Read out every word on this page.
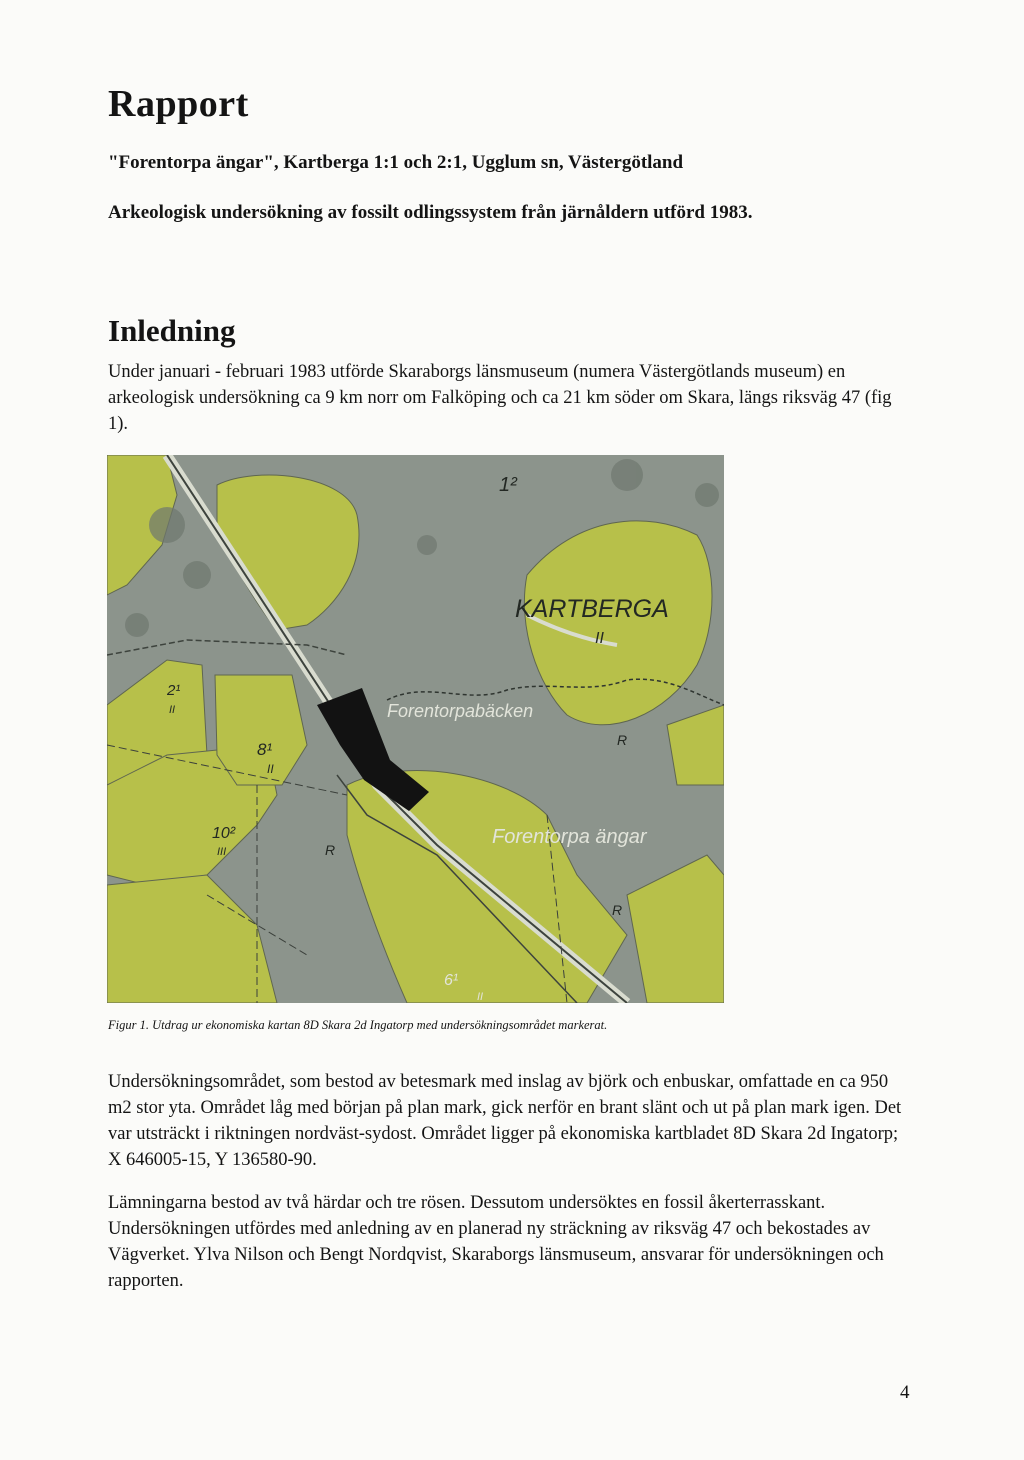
Rapport

"Forentorpa ängar", Kartberga 1:1 och 2:1, Ugglum sn, Västergötland

Arkeologisk undersökning av fossilt odlingssystem från järnåldern utförd 1983.

Inledning

Under januari - februari 1983 utförde Skaraborgs länsmuseum (numera Västergötlands museum) en arkeologisk undersökning ca 9 km norr om Falköping och ca 21 km söder om Skara, längs riksväg 47 (fig 1).

KARTBERGA
II
Forentorpabäcken
Forentorpa ängar
1²
8¹
II
10²
III
6¹
II
2¹
II
R
R
R

Figur 1. Utdrag ur ekonomiska kartan 8D Skara 2d Ingatorp med undersökningsområdet markerat.

Undersökningsområdet, som bestod av betesmark med inslag av björk och enbuskar, omfattade en ca 950 m2 stor yta. Området låg med början på plan mark, gick nerför en brant slänt och ut på plan mark igen. Det var utsträckt i riktningen nordväst-sydost. Området ligger på ekonomiska kartbladet 8D Skara 2d Ingatorp; X 646005-15, Y 136580-90.

Lämningarna bestod av två härdar och tre rösen. Dessutom undersöktes en fossil åkerterrasskant. Undersökningen utfördes med anledning av en planerad ny sträckning av riksväg 47 och bekostades av Vägverket. Ylva Nilson och Bengt Nordqvist, Skaraborgs länsmuseum, ansvarar för undersökningen och rapporten.

4
